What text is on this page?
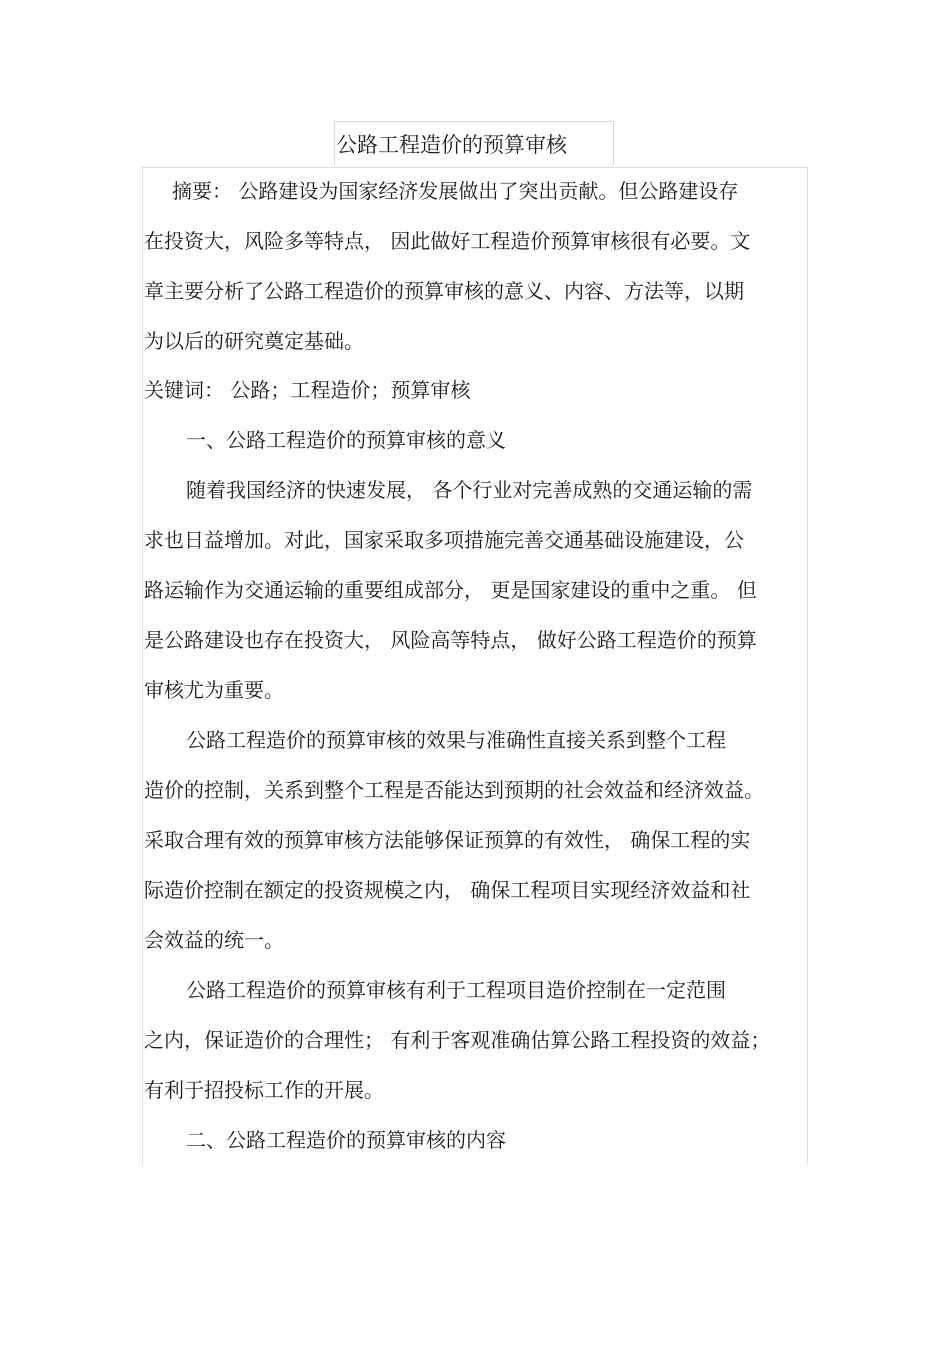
公路工程造价的预算审核
摘要： 公路建设为国家经济发展做出了突出贡献。但公路建设存
在投资大，风险多等特点， 因此做好工程造价预算审核很有必要。文
章主要分析了公路工程造价的预算审核的意义、内容、方法等，以期
为以后的研究奠定基础。
关键词： 公路；工程造价；预算审核
一、公路工程造价的预算审核的意义
随着我国经济的快速发展， 各个行业对完善成熟的交通运输的需
求也日益增加。对此，国家采取多项措施完善交通基础设施建设，公
路运输作为交通运输的重要组成部分， 更是国家建设的重中之重。 但
是公路建设也存在投资大， 风险高等特点， 做好公路工程造价的预算
审核尤为重要。
公路工程造价的预算审核的效果与准确性直接关系到整个工程
造价的控制，关系到整个工程是否能达到预期的社会效益和经济效益。
采取合理有效的预算审核方法能够保证预算的有效性， 确保工程的实
际造价控制在额定的投资规模之内， 确保工程项目实现经济效益和社
会效益的统一。
公路工程造价的预算审核有利于工程项目造价控制在一定范围
之内，保证造价的合理性； 有利于客观准确估算公路工程投资的效益；
有利于招投标工作的开展。
二、公路工程造价的预算审核的内容
